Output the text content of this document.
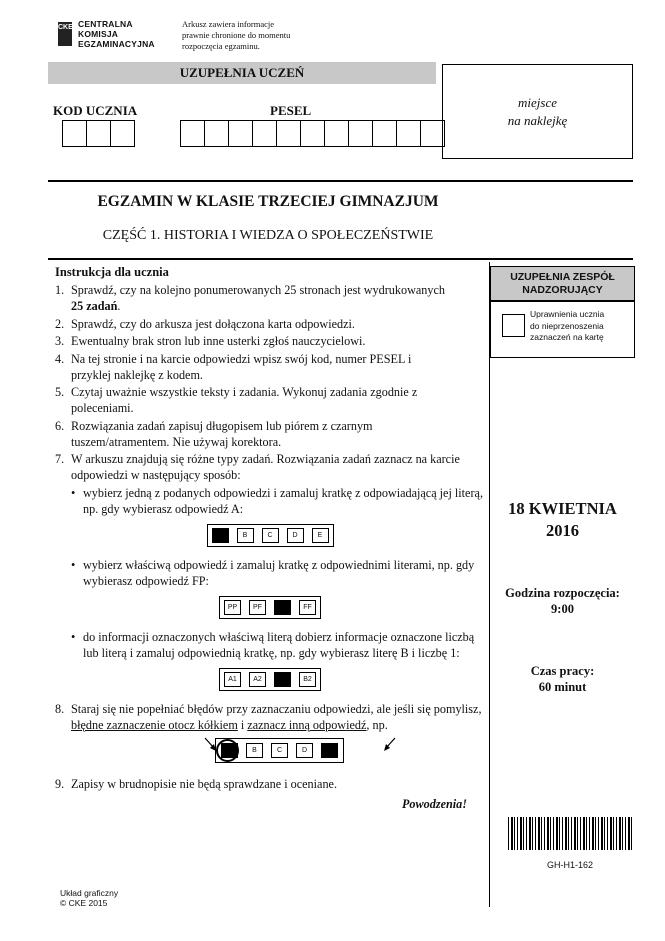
CKE CENTRALNA
KOMISJA
EGZAMINACYJNA
Arkusz zawiera informacje
prawnie chronione do momentu
rozpoczęcia egzaminu.
UZUPEŁNIA UCZEŃ
KOD UCZNIA	PESEL
miejsce
na naklejkę
EGZAMIN W KLASIE TRZECIEJ GIMNAZJUM
CZĘŚĆ 1. HISTORIA I WIEDZA O SPOŁECZEŃSTWIE
UZUPEŁNIA ZESPÓŁ NADZORUJĄCY
Uprawnienia ucznia
do nieprzenoszenia
zaznaczeń na kartę
18 KWIETNIA
2016
Godzina rozpoczęcia:
9:00
Czas pracy:
60 minut
Instrukcja dla ucznia
1. Sprawdź, czy na kolejno ponumerowanych 25 stronach jest wydrukowanych
25 zadań.
2. Sprawdź, czy do arkusza jest dołączona karta odpowiedzi.
3. Ewentualny brak stron lub inne usterki zgłoś nauczycielowi.
4. Na tej stronie i na karcie odpowiedzi wpisz swój kod, numer PESEL i przyklej naklejkę z kodem.
5. Czytaj uważnie wszystkie teksty i zadania. Wykonuj zadania zgodnie z poleceniami.
6. Rozwiązania zadań zapisuj długopisem lub piórem z czarnym tuszem/atramentem. Nie używaj korektora.
7. W arkuszu znajdują się różne typy zadań. Rozwiązania zadań zaznacz na karcie odpowiedzi w następujący sposób:
• wybierz jedną z podanych odpowiedzi i zamaluj kratkę z odpowiadającą jej literą, np. gdy wybierasz odpowiedź A:
B	C	D	E
• wybierz właściwą odpowiedź i zamaluj kratkę z odpowiednimi literami, np. gdy wybierasz odpowiedź FP:
PP	PF	FF
• do informacji oznaczonych właściwą literą dobierz informacje oznaczone liczbą lub literą i zamaluj odpowiednią kratkę, np. gdy wybierasz literę B i liczbę 1:
A1	A2	B2
8. Staraj się nie popełniać błędów przy zaznaczaniu odpowiedzi, ale jeśli się pomylisz, błędne zaznaczenie otocz kółkiem i zaznacz inną odpowiedź, np.
B	C	D
9. Zapisy w brudnopisie nie będą sprawdzane i oceniane.
Powodzenia!
GH-H1-162
Układ graficzny
© CKE 2015
